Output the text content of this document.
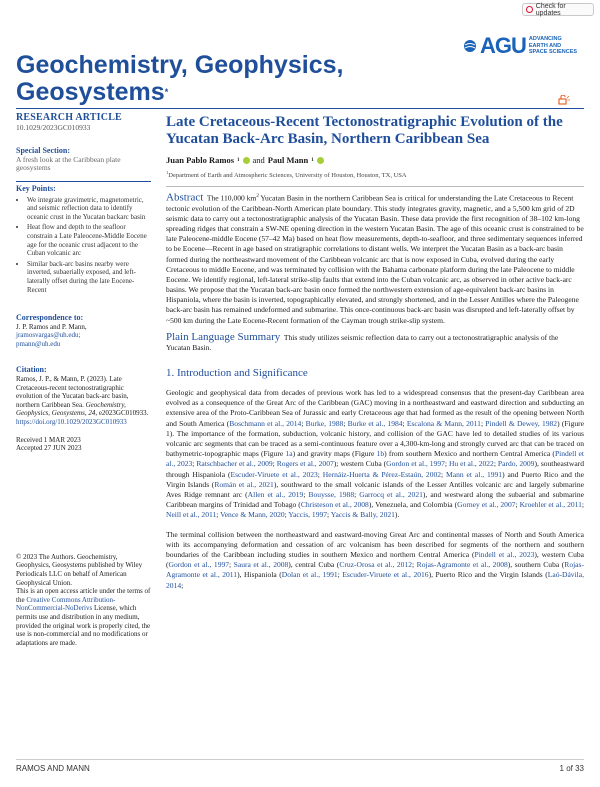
Check for updates
AGU ADVANCING
EARTH AND
SPACE SCIENCES
Geochemistry, Geophysics,
Geosystems*
RESEARCH ARTICLE
10.1029/2023GC010933
Special Section:
A fresh look at the Caribbean plate geosystems
Key Points:
• We integrate gravimetric, magnetometric, and seismic reflection data to identify oceanic crust in the Yucatan backarc basin
• Heat flow and depth to the seafloor constrain a Late Paleocene-Middle Eocene age for the oceanic crust adjacent to the Cuban volcanic arc
• Similar back-arc basins nearby were inverted, subaerially exposed, and left-laterally offset during the late Eocene-Recent
Correspondence to:
J. P. Ramos and P. Mann,
jramosvargas@uh.edu;
pmann@uh.edu
Citation:
Ramos, J. P., & Mann, P. (2023). Late Cretaceous-recent tectonostratigraphic evolution of the Yucatan back-arc basin, northern Caribbean Sea. Geochemistry, Geophysics, Geosystems, 24, e2023GC010933. https://doi.org/10.1029/2023GC010933
Received 1 MAR 2023
Accepted 27 JUN 2023
© 2023 The Authors. Geochemistry, Geophysics, Geosystems published by Wiley Periodicals LLC on behalf of American Geophysical Union.
This is an open access article under the terms of the Creative Commons Attribution-NonCommercial-NoDerivs License, which permits use and distribution in any medium, provided the original work is properly cited, the use is non-commercial and no modifications or adaptations are made.
Late Cretaceous-Recent Tectonostratigraphic Evolution of the Yucatan Back-Arc Basin, Northern Caribbean Sea
Juan Pablo Ramos 1 and Paul Mann 1
$^1$Department of Earth and Atmospheric Sciences, University of Houston, Houston, TX, USA
Abstract The 110,000 $km^2$ Yucatan Basin in the northern Caribbean Sea is critical for understanding the Late Cretaceous to Recent tectonic evolution of the Caribbean-North American plate boundary. This study integrates gravity, magnetic, and a 5,500 km grid of 2D seismic data to carry out a tectonostratigraphic analysis of the Yucatan Basin. These data provide the first recognition of 38–102 km-long spreading ridges that constrain a SW-NE opening direction in the western Yucatan Basin. The age of this oceanic crust is constrained to be late Paleocene-middle Eocene (57–42 Ma) based on heat flow measurements, depth-to-seafloor, and three sedimentary sequences inferred to be Eocene—Recent in age based on stratigraphic correlations to distant wells. We interpret the Yucatan Basin as a back-arc basin formed during the northeastward movement of the Caribbean volcanic arc that is now exposed in Cuba, evolved during the early Cretaceous to middle Eocene, and was terminated by collision with the Bahama carbonate platform during the late Paleocene to middle Eocene. We identify regional, left-lateral strike-slip faults that extend into the Cuban volcanic arc, as observed in other active back-arc basins. We propose that the Yucatan back-arc basin once formed the northwestern extension of age-equivalent back-arc basins in Hispaniola, where the basin is inverted, topographically elevated, and strongly shortened, and in the Lesser Antilles where the Paleogene back-arc basin has remained undeformed and submarine. This once-continuous back-arc basin was disrupted and left-laterally offset by ~500 km during the Late Eocene-Recent formation of the Cayman trough strike-slip system.
Plain Language Summary This study utilizes seismic reflection data to carry out a tectonostratigraphic analysis of the Yucatan Basin.
1. Introduction and Significance

Geologic and geophysical data from decades of previous work has led to a widespread consensus that the present-day Caribbean area evolved as a consequence of the Great Arc of the Caribbean (GAC) moving in a northeastward and eastward direction and subducting an extensive area of the Proto-Caribbean Sea of Jurassic and early Cretaceous age that had formed as the result of the opening between North and South America (Boschmann et al., 2014; Burke, 1988; Burke et al., 1984; Escalona & Mann, 2011; Pindell & Dewey, 1982) (Figure 1). The importance of the formation, subduction, volcanic history, and collision of the GAC have led to detailed studies of its various volcanic arc segments that can be traced as a semi-continuous feature over a 4,300-km-long and strongly curved arc that can be traced on bathymetric-topographic maps (Figure 1a) and gravity maps (Figure 1b) from southern Mexico and northern Central America (Pindell et al., 2023; Ratschbacher et al., 2009; Rogers et al., 2007); western Cuba (Gordon et al., 1997; Hu et al., 2022; Pardo, 2009), southeastward through Hispaniola (Escuder-Viruete et al., 2023; Hernáiz-Huerta & Pérez-Estaún, 2002; Mann et al., 1991) and Puerto Rico and the Virgin Islands (Román et al., 2021), southward to the small volcanic islands of the Lesser Antilles volcanic arc and largely submarine Aves Ridge remnant arc (Allen et al., 2019; Bouysse, 1988; Garrocq et al., 2021), and westward along the subaerial and submarine Caribbean margins of Trinidad and Tobago (Christeson et al., 2008), Venezuela, and Colombia (Gorney et al., 2007; Kroehler et al., 2011; Neill et al., 2011; Vence & Mann, 2020; Yaccis, 1997; Yaccis & Bally, 2021).

The terminal collision between the northeastward and eastward-moving Great Arc and continental masses of North and South America with its accompanying deformation and cessation of arc volcanism has been described for segments of the northern and southern boundaries of the Caribbean including studies in southern Mexico and northern Central America (Pindell et al., 2023), western Cuba (Gordon et al., 1997; Saura et al., 2008), central Cuba (Cruz-Orosa et al., 2012; Rojas-Agramonte et al., 2008), southern Cuba (Rojas-Agramonte et al., 2011), Hispaniola (Dolan et al., 1991; Escuder-Viruete et al., 2016), Puerto Rico and the Virgin Islands (Laó-Dávila, 2014;

RAMOS AND MANN	1 of 33
